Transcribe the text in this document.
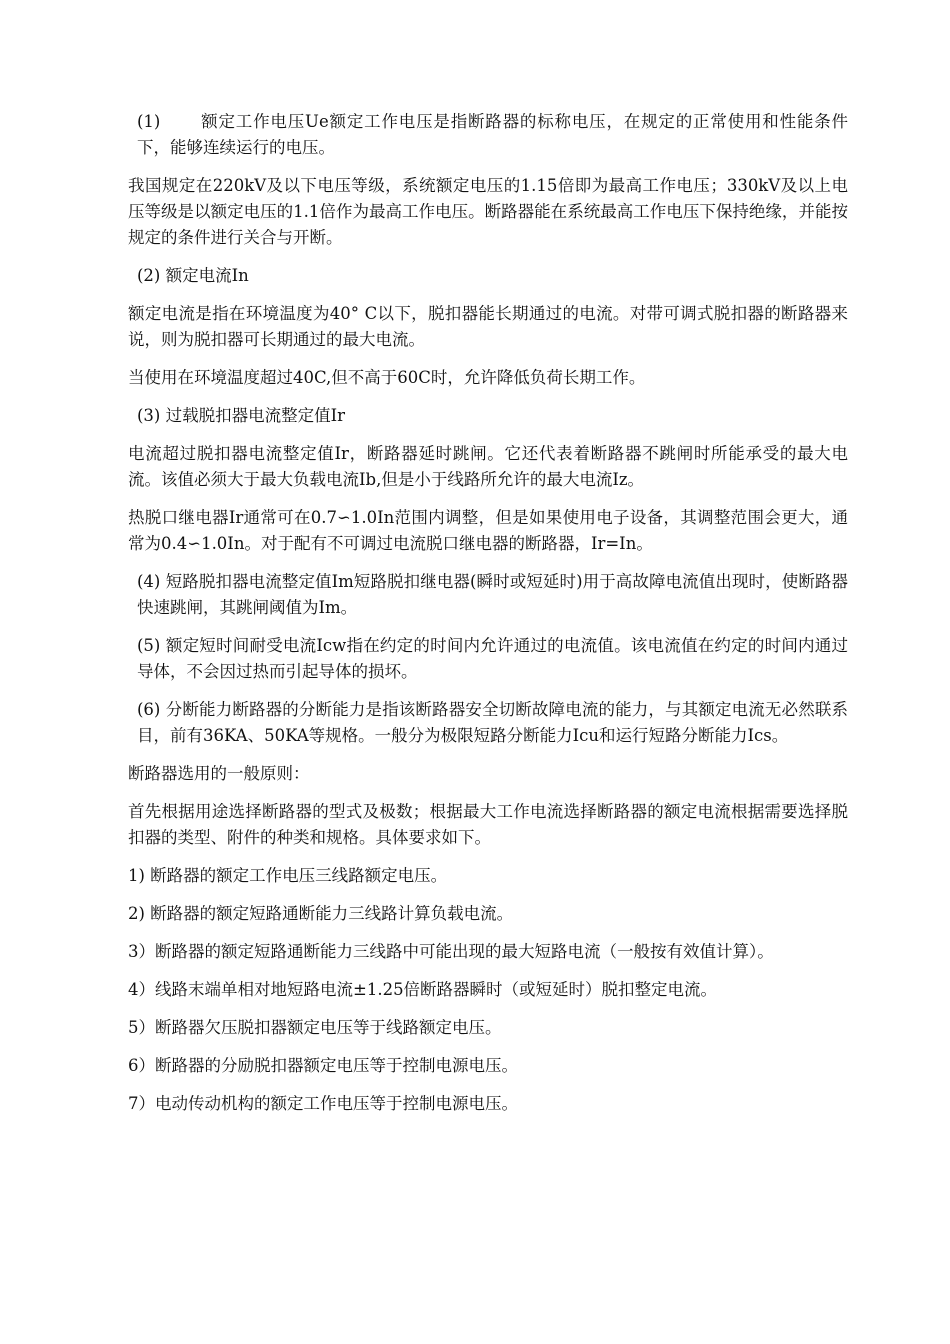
(1) 额定工作电压Ue额定工作电压是指断路器的标称电压，在规定的正常使用和性能条件下，能够连续运行的电压。

我国规定在220kV及以下电压等级，系统额定电压的1.15倍即为最高工作电压；330kV及以上电压等级是以额定电压的1.1倍作为最高工作电压。断路器能在系统最高工作电压下保持绝缘，并能按规定的条件进行关合与开断。

(2) 额定电流In

额定电流是指在环境温度为40° C以下，脱扣器能长期通过的电流。对带可调式脱扣器的断路器来说，则为脱扣器可长期通过的最大电流。

当使用在环境温度超过40C,但不高于60C时，允许降低负荷长期工作。

(3) 过载脱扣器电流整定值Ir

电流超过脱扣器电流整定值Ir，断路器延时跳闸。它还代表着断路器不跳闸时所能承受的最大电流。该值必须大于最大负载电流Ib,但是小于线路所允许的最大电流Iz。

热脱口继电器Ir通常可在0.7∽1.0In范围内调整，但是如果使用电子设备，其调整范围会更大，通常为0.4∽1.0In。对于配有不可调过电流脱口继电器的断路器，Ir=In。

(4) 短路脱扣器电流整定值Im短路脱扣继电器(瞬时或短延时)用于高故障电流值出现时，使断路器快速跳闸，其跳闸阈值为Im。

(5) 额定短时间耐受电流Icw指在约定的时间内允许通过的电流值。该电流值在约定的时间内通过导体，不会因过热而引起导体的损坏。

(6) 分断能力断路器的分断能力是指该断路器安全切断故障电流的能力，与其额定电流无必然联系目，前有36KA、50KA等规格。一般分为极限短路分断能力Icu和运行短路分断能力Ics。

断路器选用的一般原则：

首先根据用途选择断路器的型式及极数；根据最大工作电流选择断路器的额定电流根据需要选择脱扣器的类型、附件的种类和规格。具体要求如下。

1) 断路器的额定工作电压三线路额定电压。

2) 断路器的额定短路通断能力三线路计算负载电流。

3）断路器的额定短路通断能力三线路中可能出现的最大短路电流（一般按有效值计算）。

4）线路末端单相对地短路电流±1.25倍断路器瞬时（或短延时）脱扣整定电流。

5）断路器欠压脱扣器额定电压等于线路额定电压。

6）断路器的分励脱扣器额定电压等于控制电源电压。

7）电动传动机构的额定工作电压等于控制电源电压。
